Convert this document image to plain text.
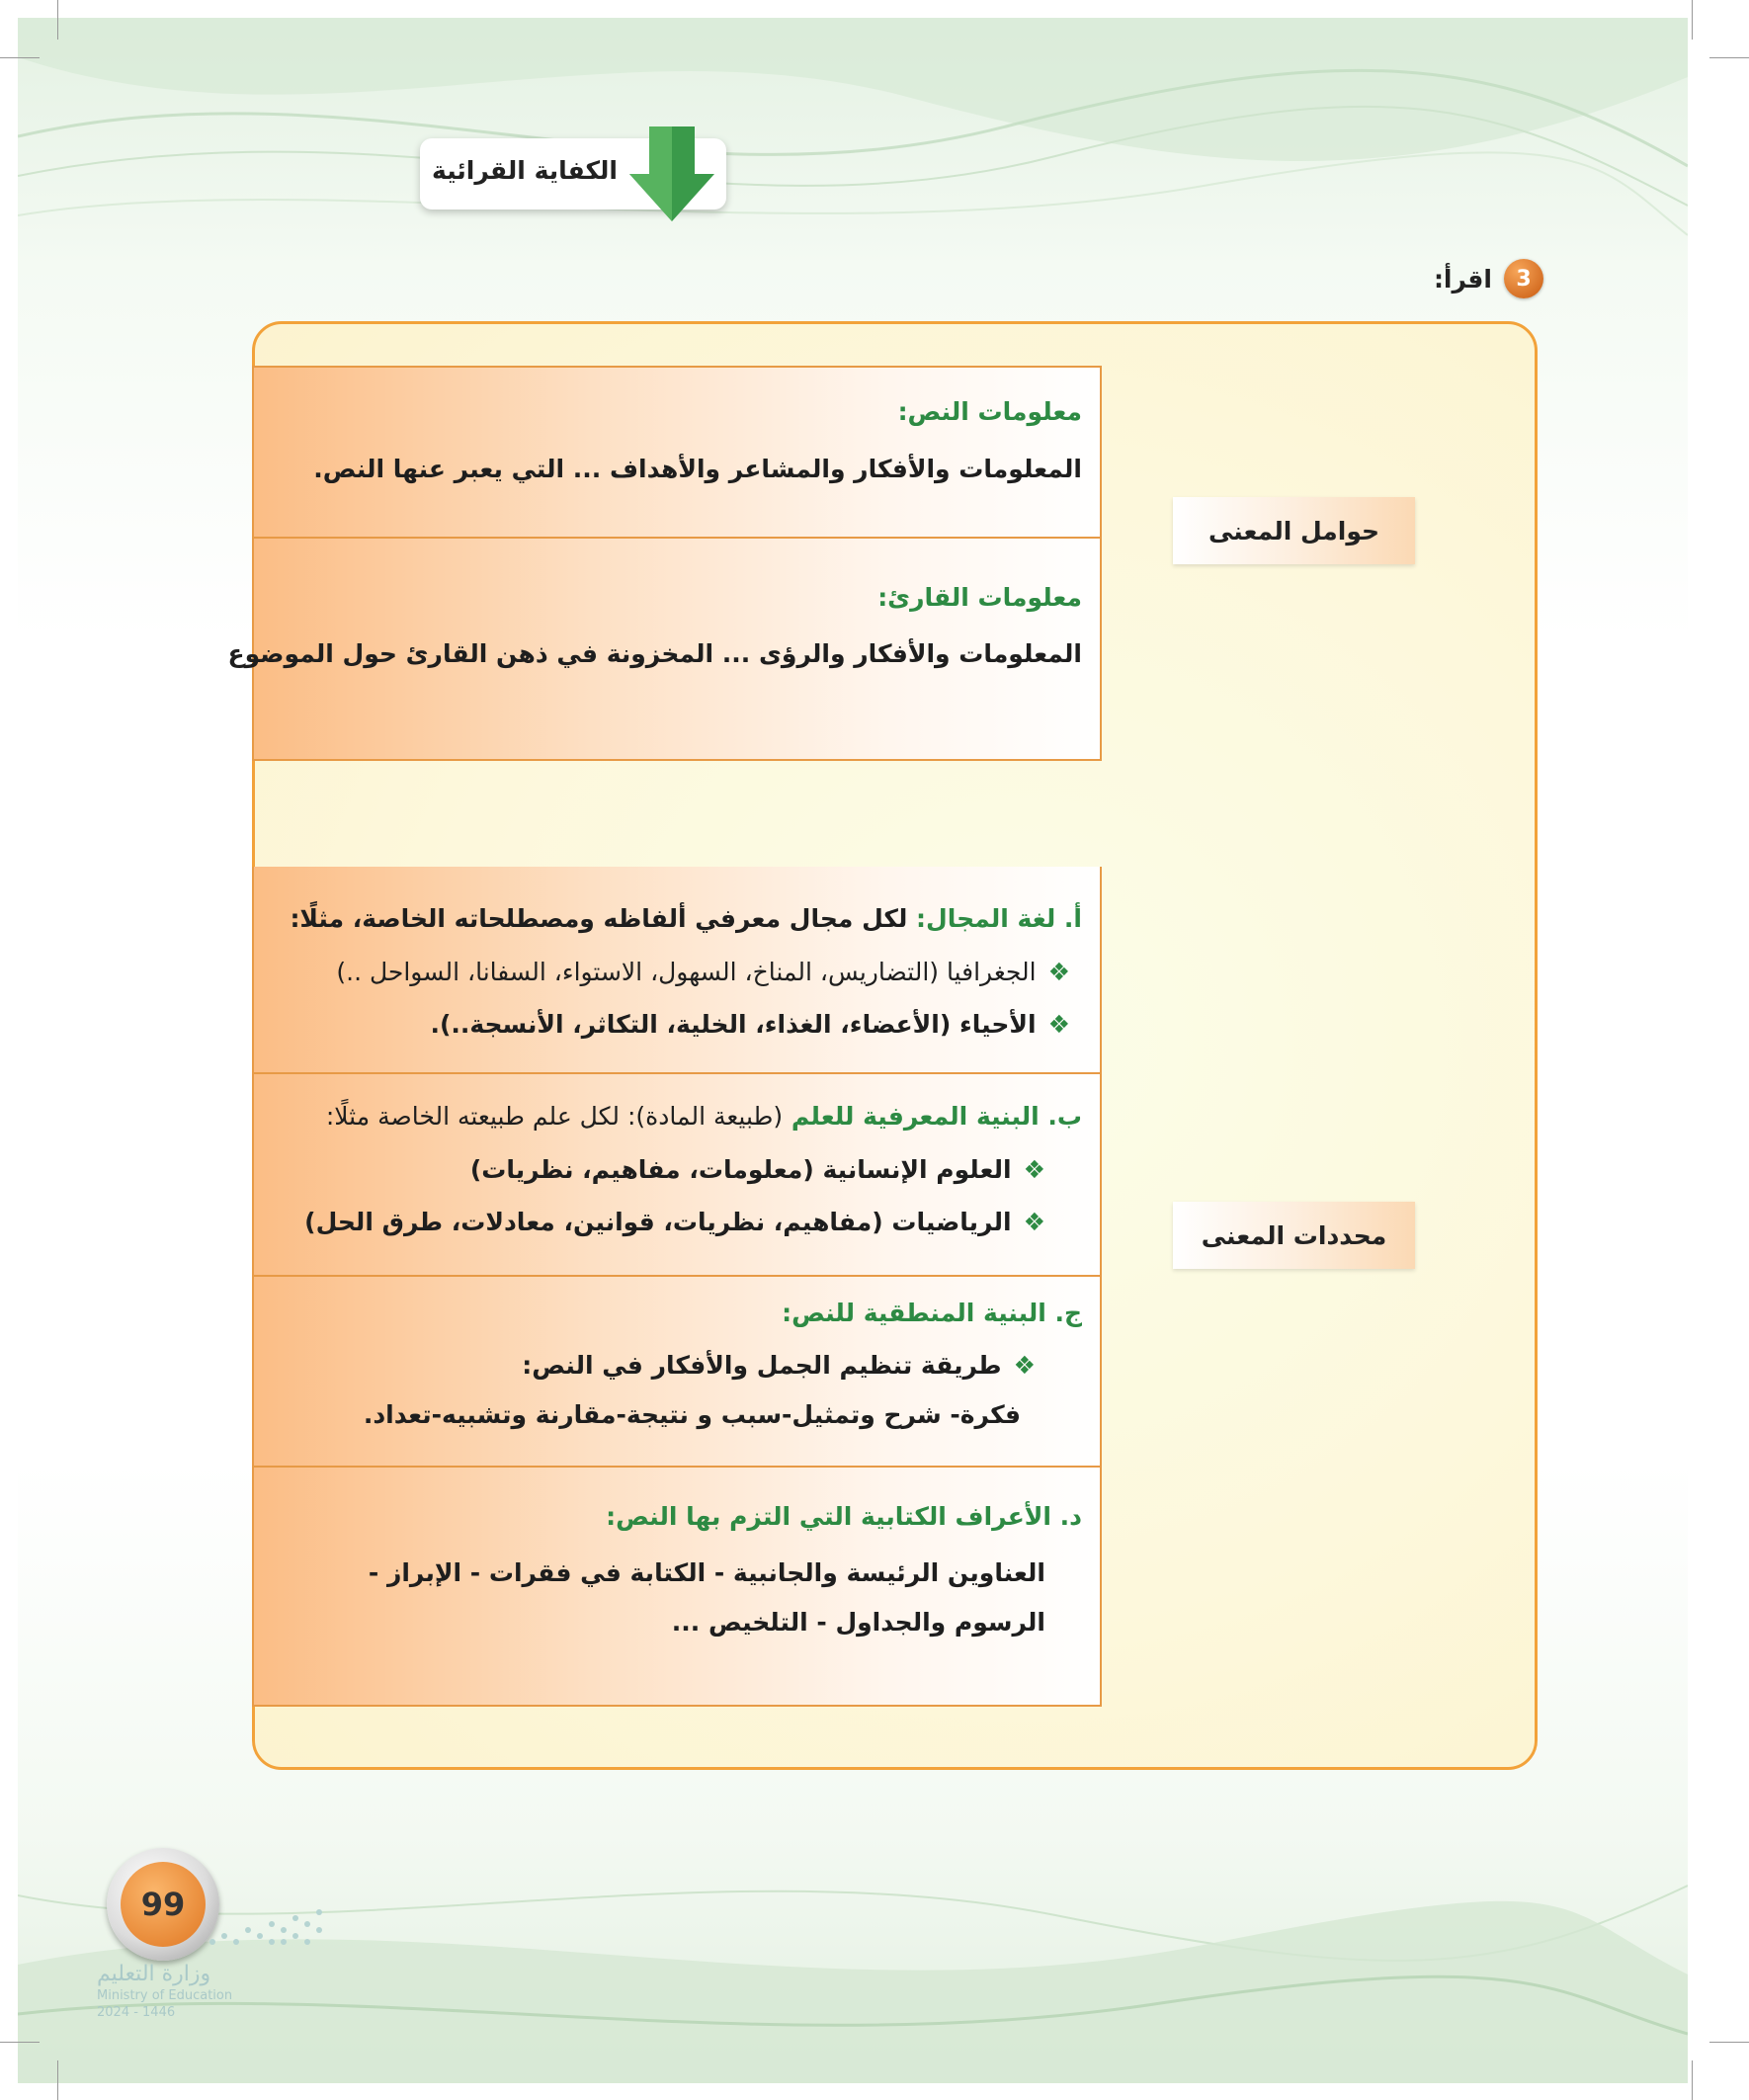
الكفاية القرائية
3
اقرأ:
معلومات النص:
المعلومات والأفكار والمشاعر والأهداف ... التي يعبر عنها النص.
معلومات القارئ:
المعلومات والأفكار والرؤى ... المخزونة في ذهن القارئ حول الموضوع
أ. لغة المجال: لكل مجال معرفي ألفاظه ومصطلحاته الخاصة، مثلًا:
❖الجغرافيا (التضاريس، المناخ، السهول، الاستواء، السفانا، السواحل ..)
❖الأحياء (الأعضاء، الغذاء، الخلية، التكاثر، الأنسجة..).
ب. البنية المعرفية للعلم (طبيعة المادة): لكل علم طبيعته الخاصة مثلًا:
❖العلوم الإنسانية (معلومات، مفاهيم، نظريات)
❖الرياضيات (مفاهيم، نظريات، قوانين، معادلات، طرق الحل)
ج. البنية المنطقية للنص:
❖طريقة تنظيم الجمل والأفكار في النص:
فكرة- شرح وتمثيل-سبب و نتيجة-مقارنة وتشبيه-تعداد.
د. الأعراف الكتابية التي التزم بها النص:
العناوين الرئيسة والجانبية - الكتابة في فقرات - الإبراز -
الرسوم والجداول - التلخيص ...
حوامل المعنى
محددات المعنى
99
وزارة التعليم
Ministry of Education
2024 - 1446
